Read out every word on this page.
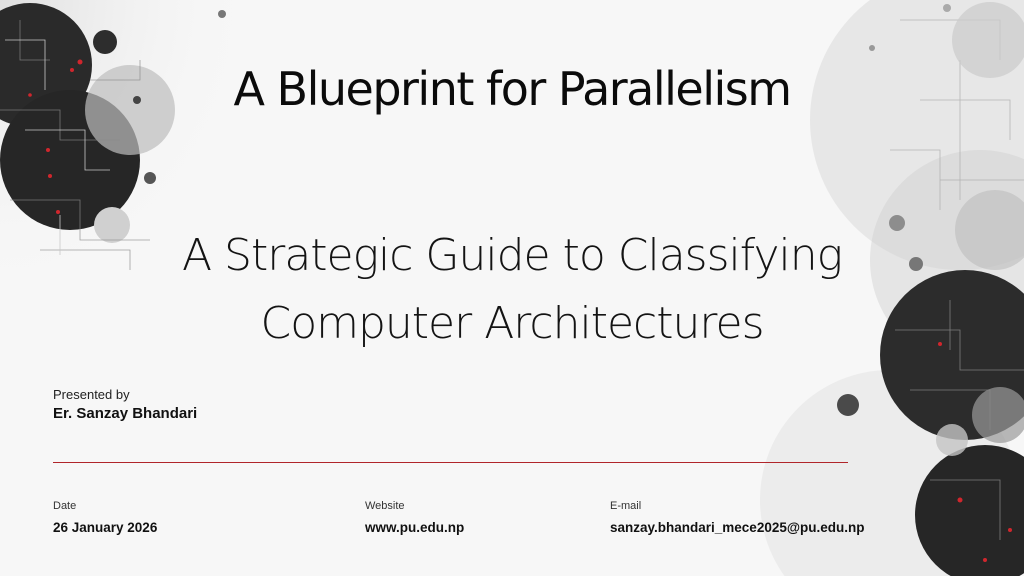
A Blueprint for Parallelism
A Strategic Guide to Classifying
Computer Architectures
Presented by
Er. Sanzay Bhandari
Date
26 January 2026
Website
www.pu.edu.np
E-mail
sanzay.bhandari_mece2025@pu.edu.np
